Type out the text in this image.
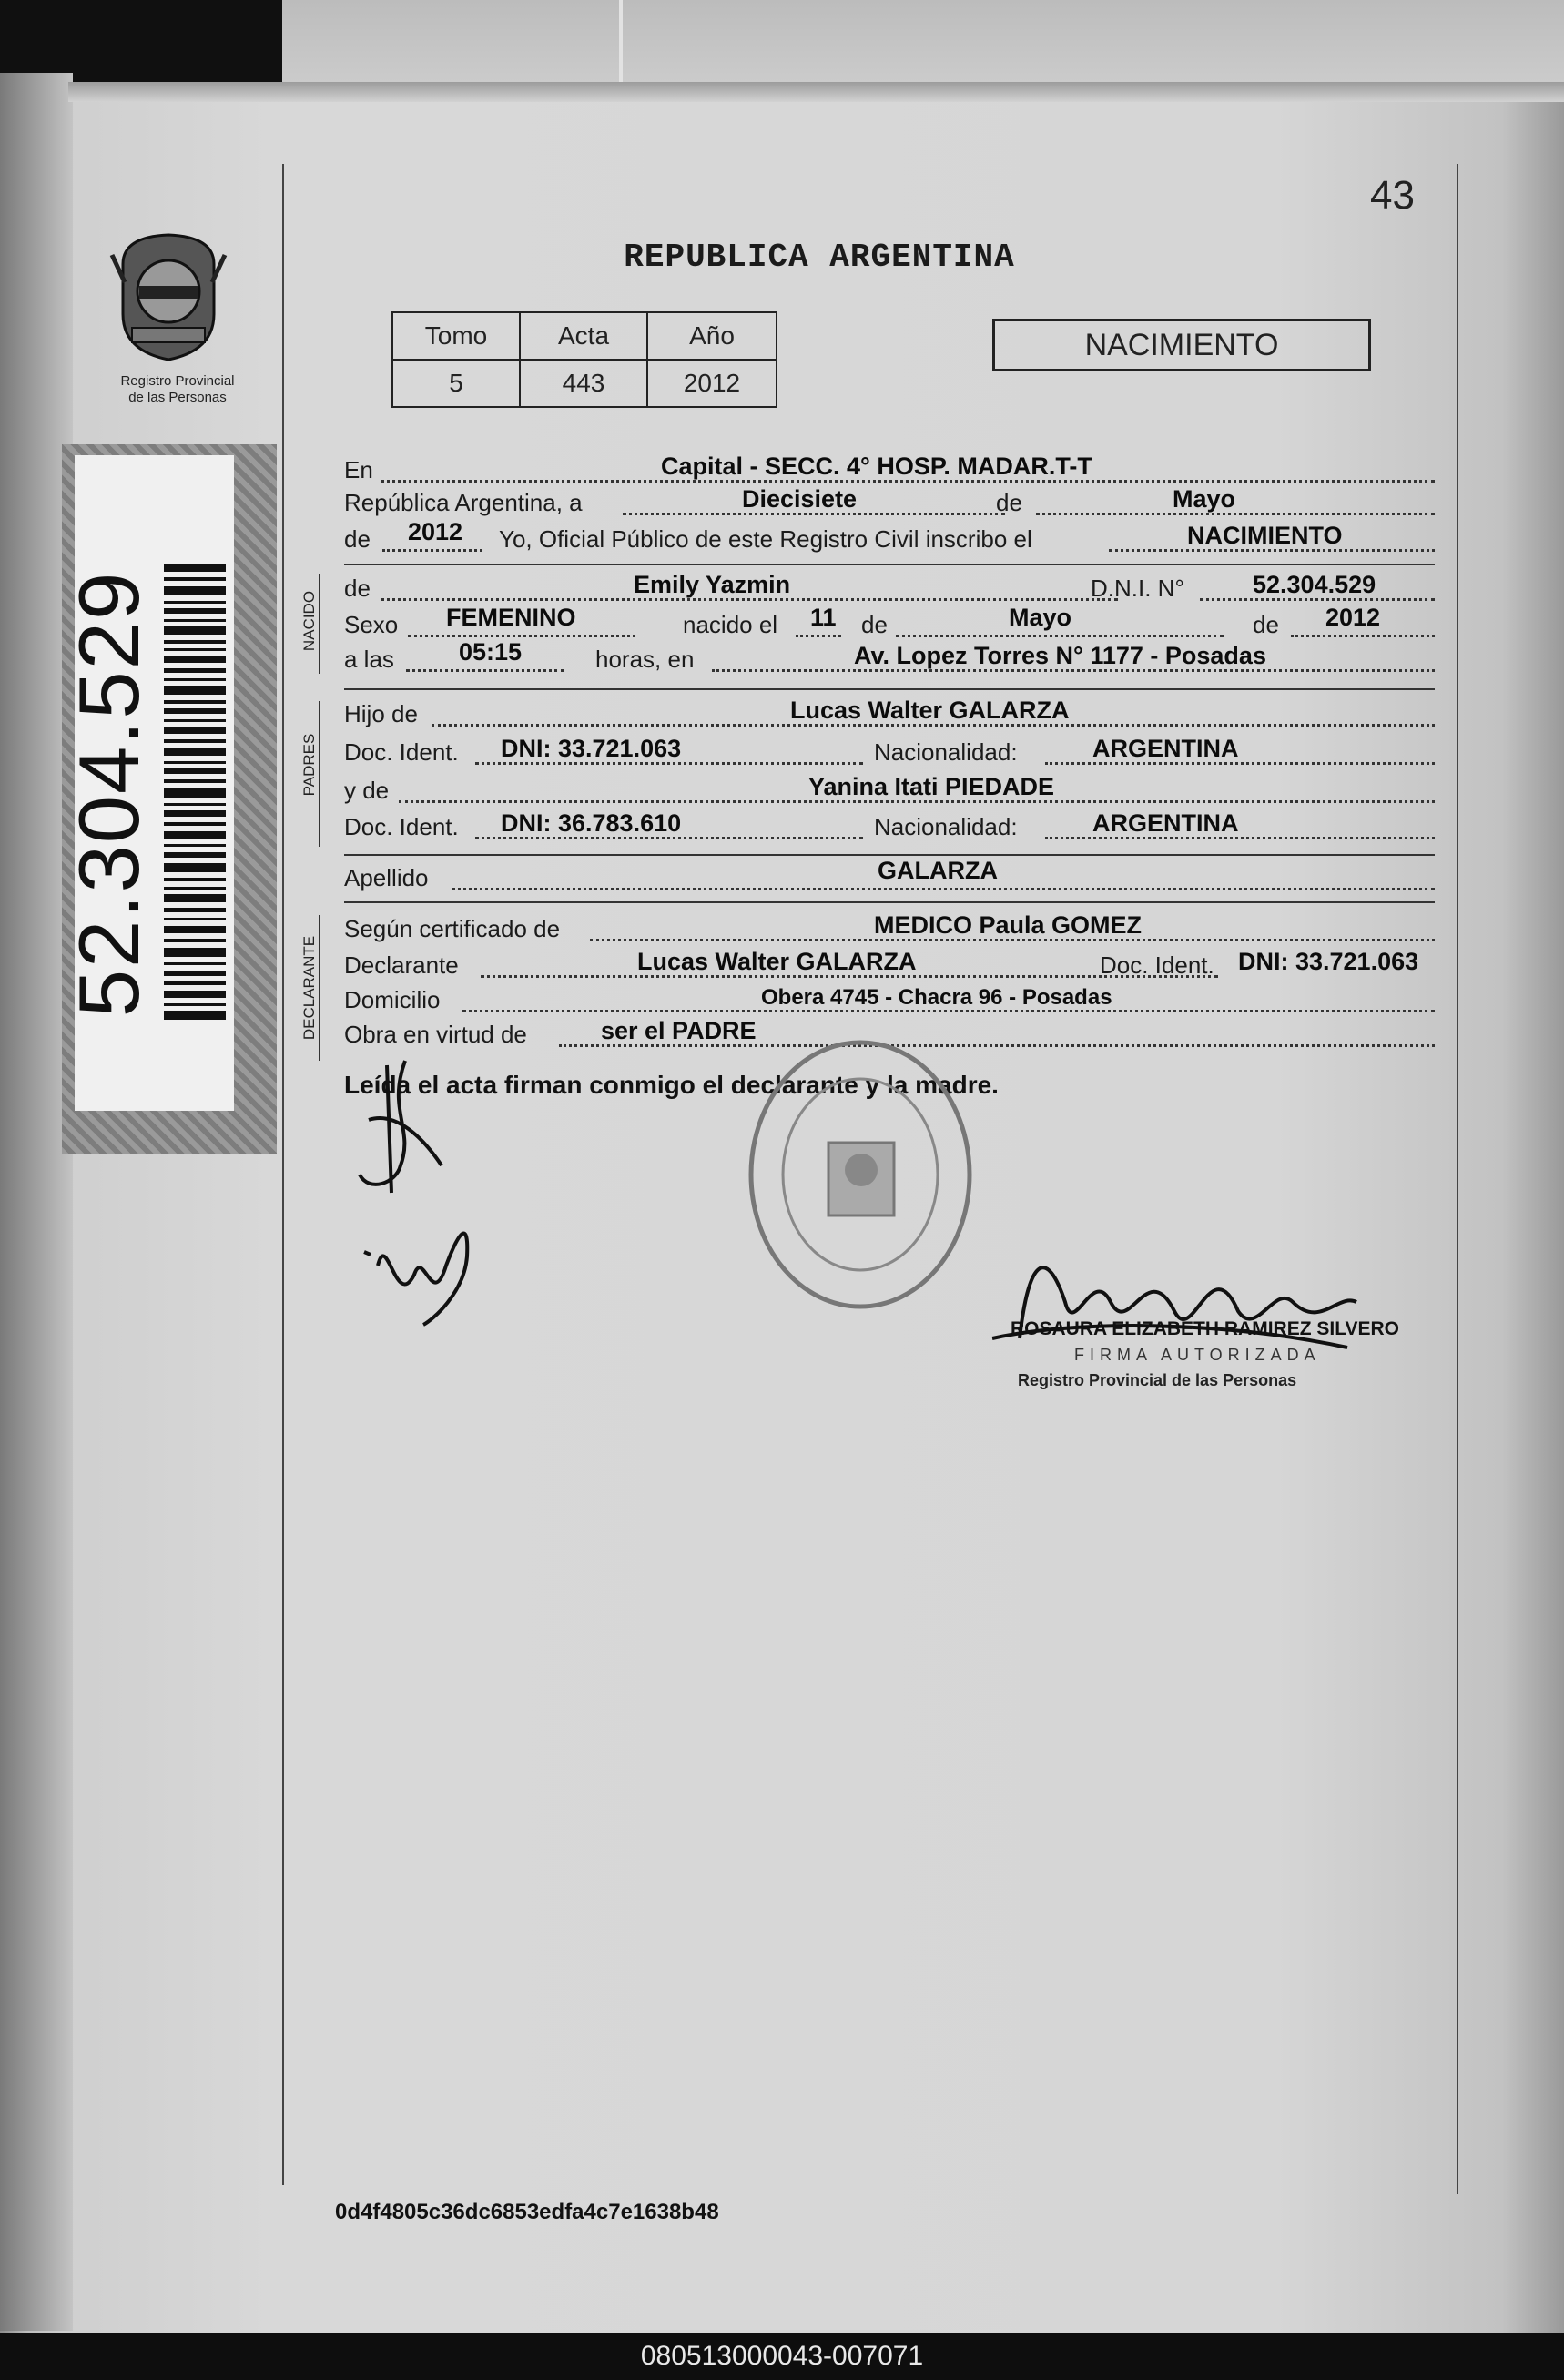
Registro Provincial
de las Personas
52.304.529
43
REPUBLICA ARGENTINA
Tomo	Acta	Año
5	443	2012
NACIMIENTO
En	Capital - SECC. 4° HOSP. MADAR.T-T
República Argentina, a	Diecisiete	de	Mayo
de 2012 Yo, Oficial Público de este Registro Civil inscribo el	NACIMIENTO
NACIDO
de	Emily Yazmin	D.N.I. N°	52.304.529
Sexo FEMENINO	nacido el 11 de	Mayo	de 2012
a las	05:15	horas, en	Av. Lopez Torres N° 1177 - Posadas
PADRES
Hijo de	Lucas Walter GALARZA
Doc. Ident. DNI: 33.721.063	Nacionalidad:	ARGENTINA
y de	Yanina Itati PIEDADE
Doc. Ident. DNI: 36.783.610	Nacionalidad:	ARGENTINA
Apellido	GALARZA
DECLARANTE
Según certificado de	MEDICO Paula GOMEZ
Declarante	Lucas Walter GALARZA	Doc. Ident. DNI: 33.721.063
Domicilio	Obera 4745 - Chacra 96 - Posadas
Obra en virtud de	ser el PADRE
Leída el acta firman conmigo el declarante y la madre.
ROSAURA ELIZABETH RAMIREZ SILVERO
FIRMA AUTORIZADA
Registro Provincial de las Personas
0d4f4805c36dc6853edfa4c7e1638b48
080513000043-007071
